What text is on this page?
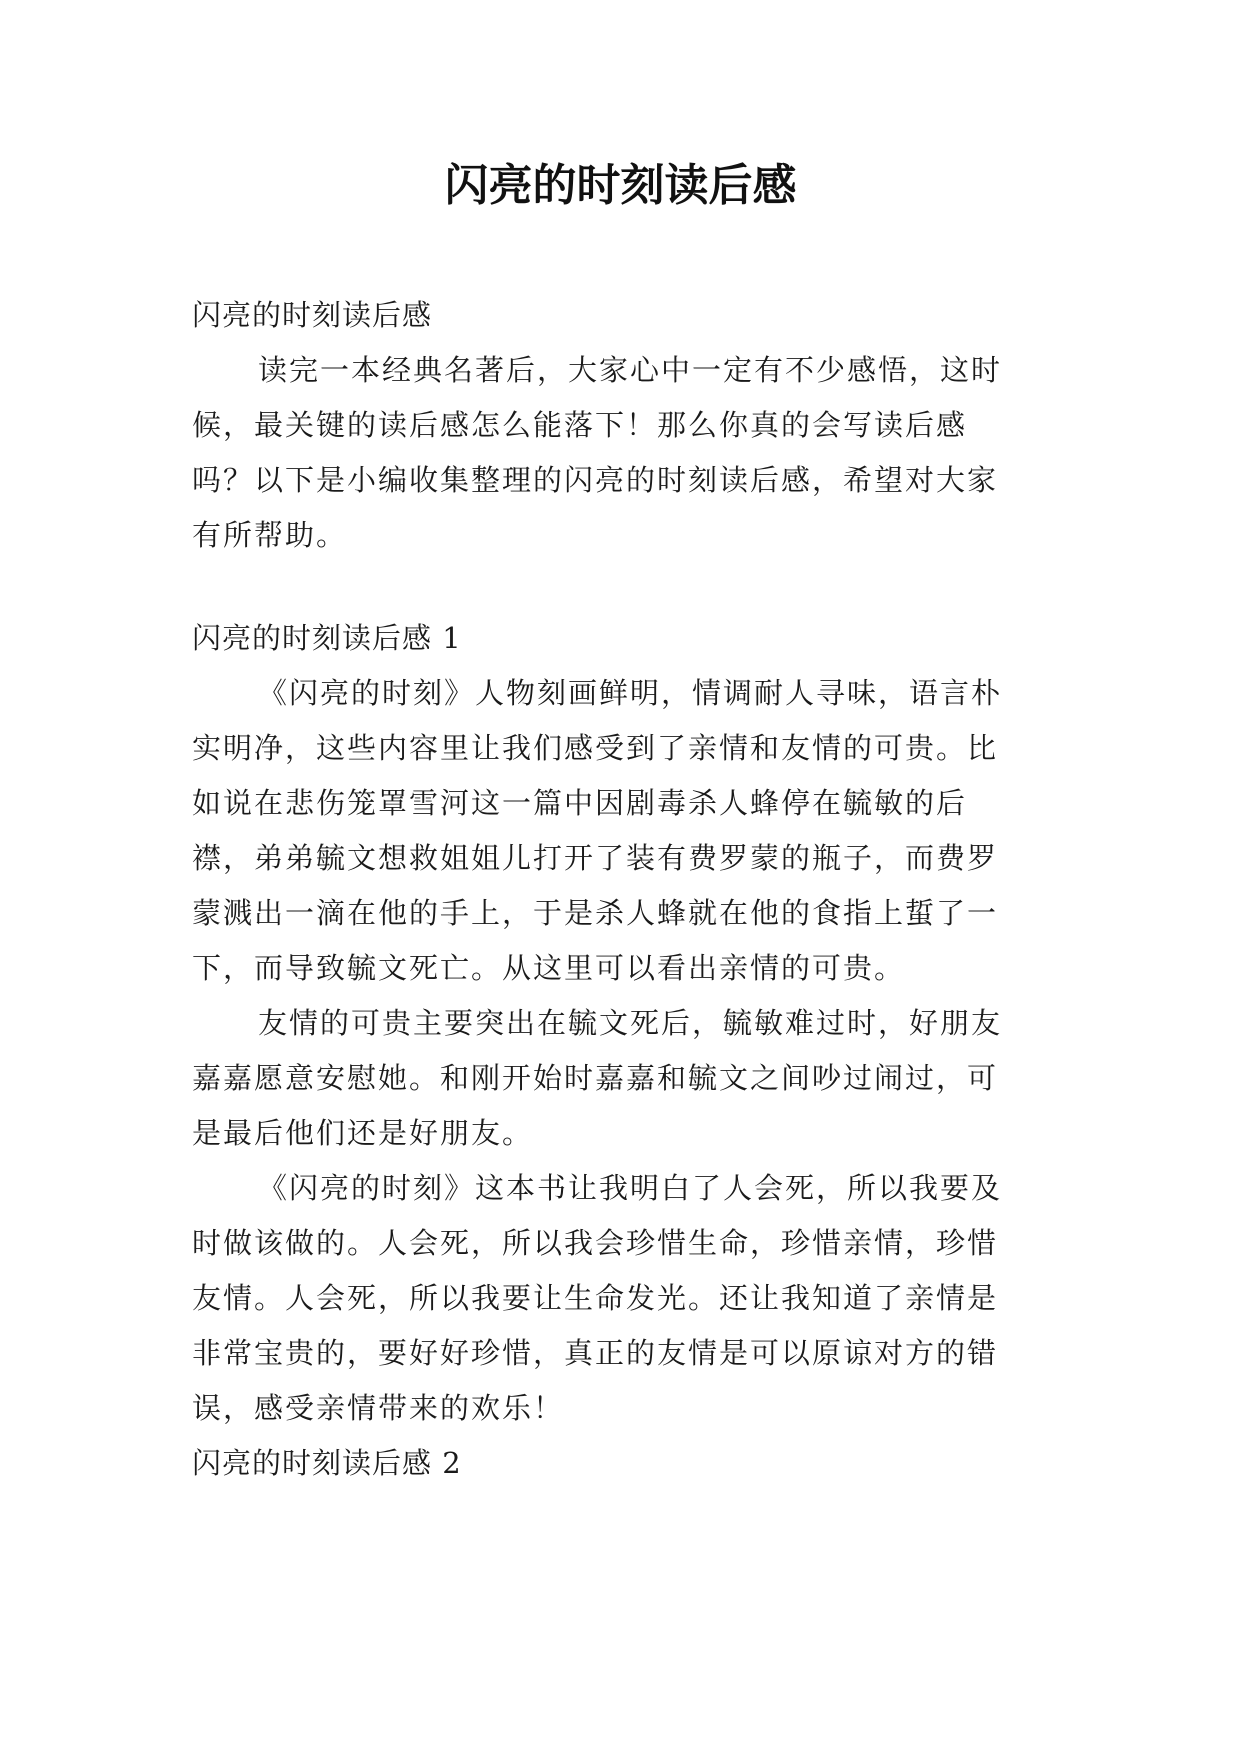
闪亮的时刻读后感
闪亮的时刻读后感
读完一本经典名著后，大家心中一定有不少感悟，这时
候，最关键的读后感怎么能落下！那么你真的会写读后感
吗？以下是小编收集整理的闪亮的时刻读后感，希望对大家
有所帮助。
闪亮的时刻读后感 1
《闪亮的时刻》人物刻画鲜明，情调耐人寻味，语言朴
实明净，这些内容里让我们感受到了亲情和友情的可贵。比
如说在悲伤笼罩雪河这一篇中因剧毒杀人蜂停在毓敏的后
襟，弟弟毓文想救姐姐儿打开了装有费罗蒙的瓶子，而费罗
蒙溅出一滴在他的手上，于是杀人蜂就在他的食指上蜇了一
下，而导致毓文死亡。从这里可以看出亲情的可贵。
友情的可贵主要突出在毓文死后，毓敏难过时，好朋友
嘉嘉愿意安慰她。和刚开始时嘉嘉和毓文之间吵过闹过，可
是最后他们还是好朋友。
《闪亮的时刻》这本书让我明白了人会死，所以我要及
时做该做的。人会死，所以我会珍惜生命，珍惜亲情，珍惜
友情。人会死，所以我要让生命发光。还让我知道了亲情是
非常宝贵的，要好好珍惜，真正的友情是可以原谅对方的错
误，感受亲情带来的欢乐！
闪亮的时刻读后感 2
